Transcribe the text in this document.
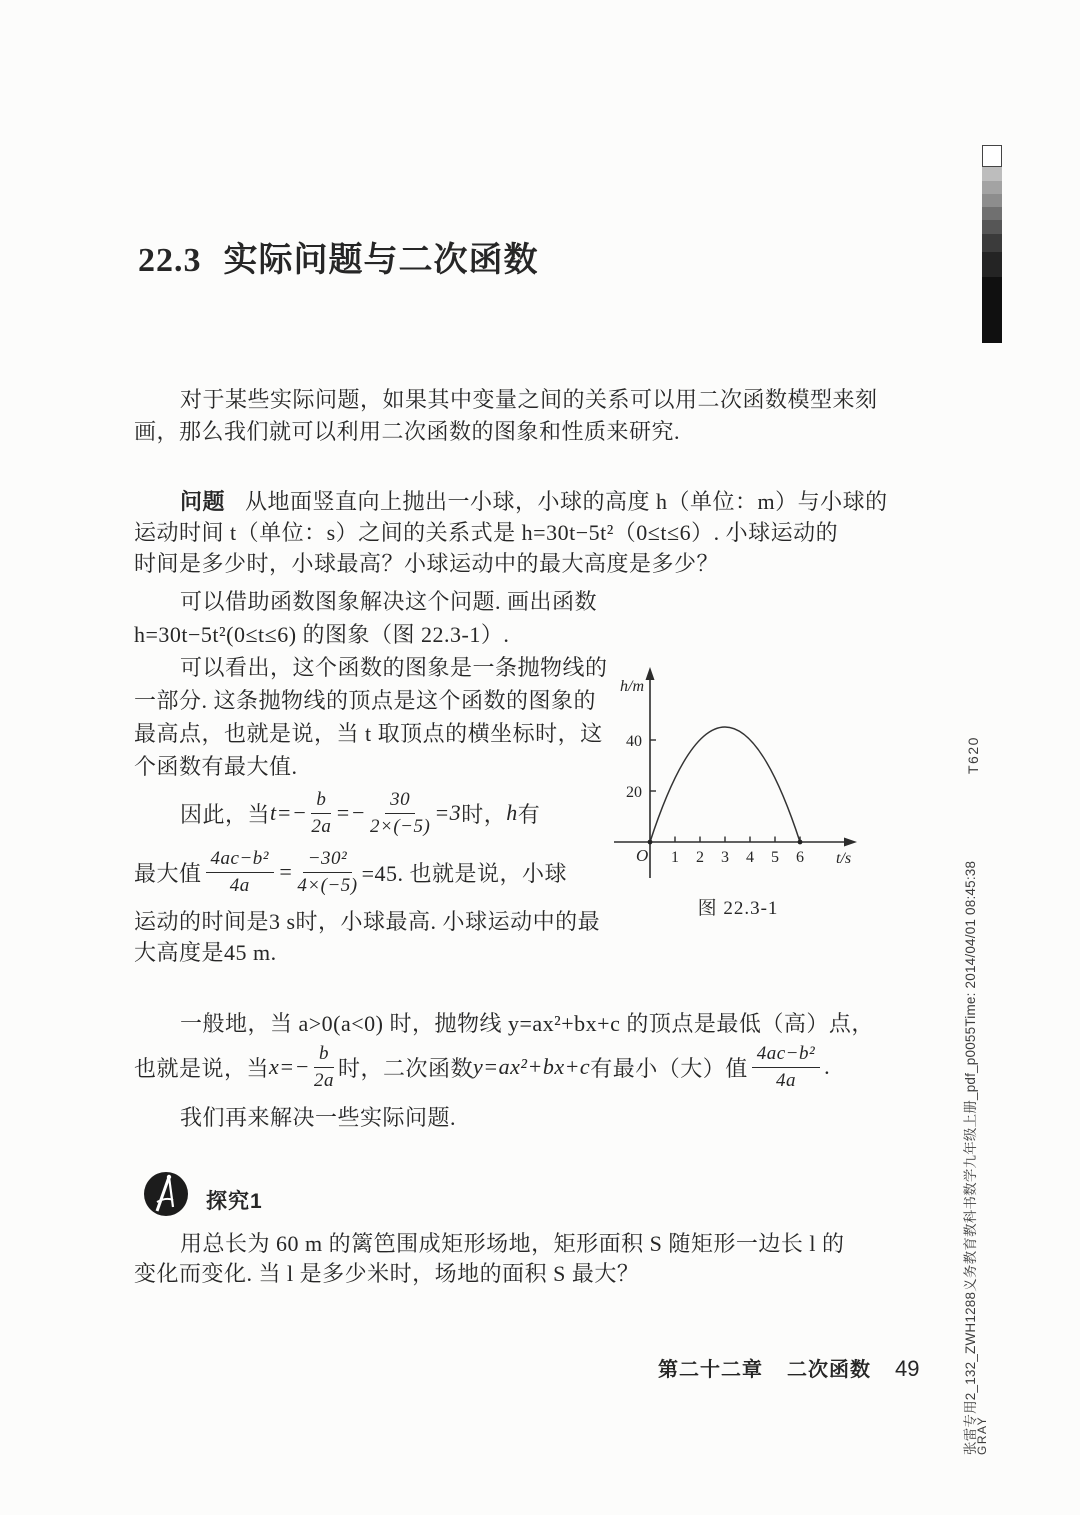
T620
张雷专用2_132_ZWH1288义务教育教科书数学九年级上册_pdf_p0055Time: 2014/04/01 08:45:38
GRAY
22.3 实际问题与二次函数
对于某些实际问题，如果其中变量之间的关系可以用二次函数模型来刻
画，那么我们就可以利用二次函数的图象和性质来研究.
问题 从地面竖直向上抛出一小球，小球的高度 h（单位：m）与小球的
运动时间 t（单位：s）之间的关系式是 h=30t−5t²（0≤t≤6）. 小球运动的
时间是多少时，小球最高？小球运动中的最大高度是多少？
可以借助函数图象解决这个问题. 画出函数
h=30t−5t²(0≤t≤6) 的图象（图 22.3-1）.
可以看出，这个函数的图象是一条抛物线的
一部分. 这条抛物线的顶点是这个函数的图象的
最高点，也就是说，当 t 取顶点的横坐标时，这
个函数有最大值.
因此，当 $t=- \frac{b}{2a} =- \frac{30}{2\times(-5)} =3$ 时， h 有
最大值 $\frac{\text{4ac−b²}}{4a} = \frac{\text{−30²}}{4\times(-5)} =45$. 也就是说，小球
运动的时间是3 s时，小球最高. 小球运动中的最
大高度是45 m.
一般地，当 a>0(a<0) 时，抛物线 y=ax²+bx+c 的顶点是最低（高）点，
也就是说，当 $x=- \frac{b}{2a}$ 时，二次函数 y=ax²+bx+c 有最小（大）值 $\frac{\text{4ac−b²}}{4a}$ .
我们再来解决一些实际问题.
h/m
t/s
O 1 2 3 4 5 6
20
40
图 22.3-1
探究1
用总长为 60 m 的篱笆围成矩形场地，矩形面积 S 随矩形一边长 l 的
变化而变化. 当 l 是多少米时，场地的面积 S 最大？
第二十二章 二次函数 49
